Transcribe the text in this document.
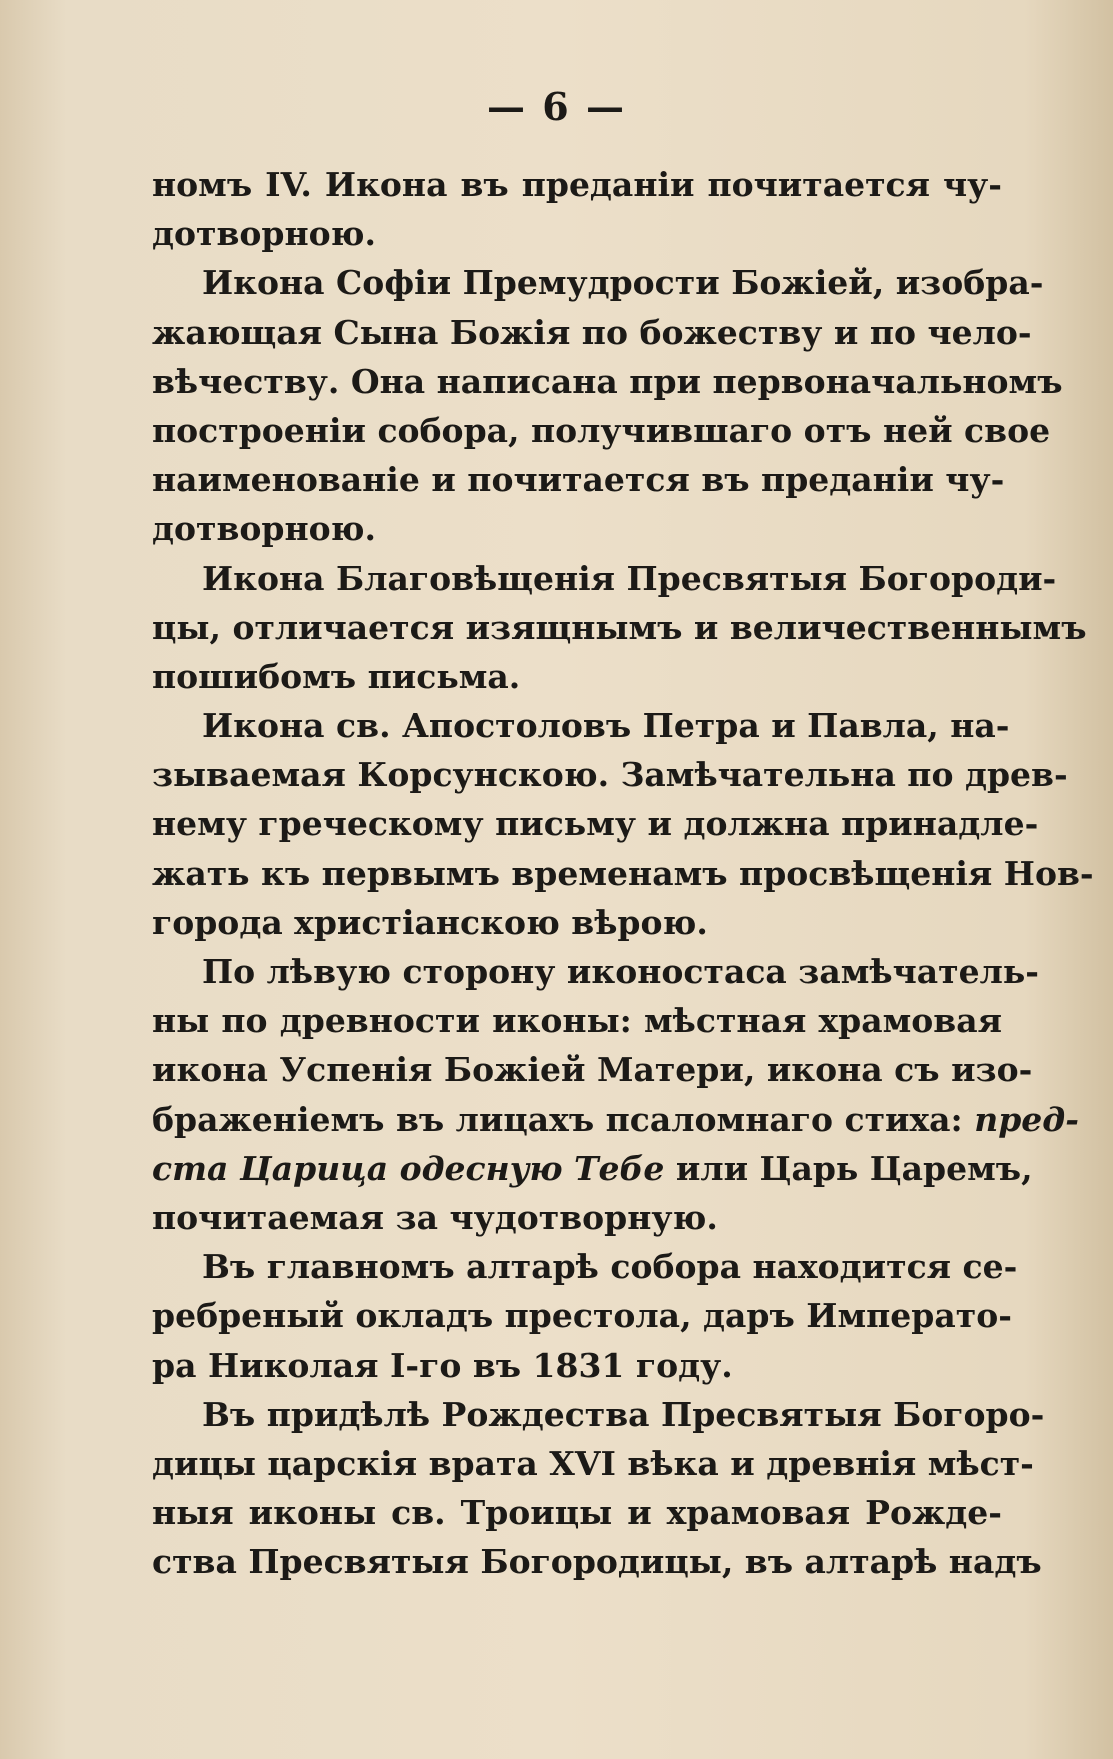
— 6 —
номъ IV. Икона въ преданіи почитается чу-
дотворною.
Икона Софіи Премудрости Божіей, изобра-
жающая Сына Божія по божеству и по чело-
вѣчеству. Она написана при первоначальномъ
построеніи собора, получившаго отъ ней свое
наименованіе и почитается въ преданіи чу-
дотворною.
Икона Благовѣщенія Пресвятыя Богороди-
цы, отличается изящнымъ и величественнымъ
пошибомъ письма.
Икона св. Апостоловъ Петра и Павла, на-
зываемая Корсунскою. Замѣчательна по древ-
нему греческому письму и должна принадле-
жать къ первымъ временамъ просвѣщенія Нов-
города христіанскою вѣрою.
По лѣвую сторону иконостаса замѣчатель-
ны по древности иконы: мѣстная храмовая
икона Успенія Божіей Матери, икона съ изо-
браженіемъ въ лицахъ псаломнаго стиха: пред-
ста Царица одесную Тебе или Царь Царемъ,
почитаемая за чудотворную.
Въ главномъ алтарѣ собора находится се-
ребреный окладъ престола, даръ Императо-
ра Николая I-го въ 1831 году.
Въ придѣлѣ Рождества Пресвятыя Богоро-
дицы царскія врата XVI вѣка и древнія мѣст-
ныя иконы св. Троицы и храмовая Рожде-
ства Пресвятыя Богородицы, въ алтарѣ надъ
